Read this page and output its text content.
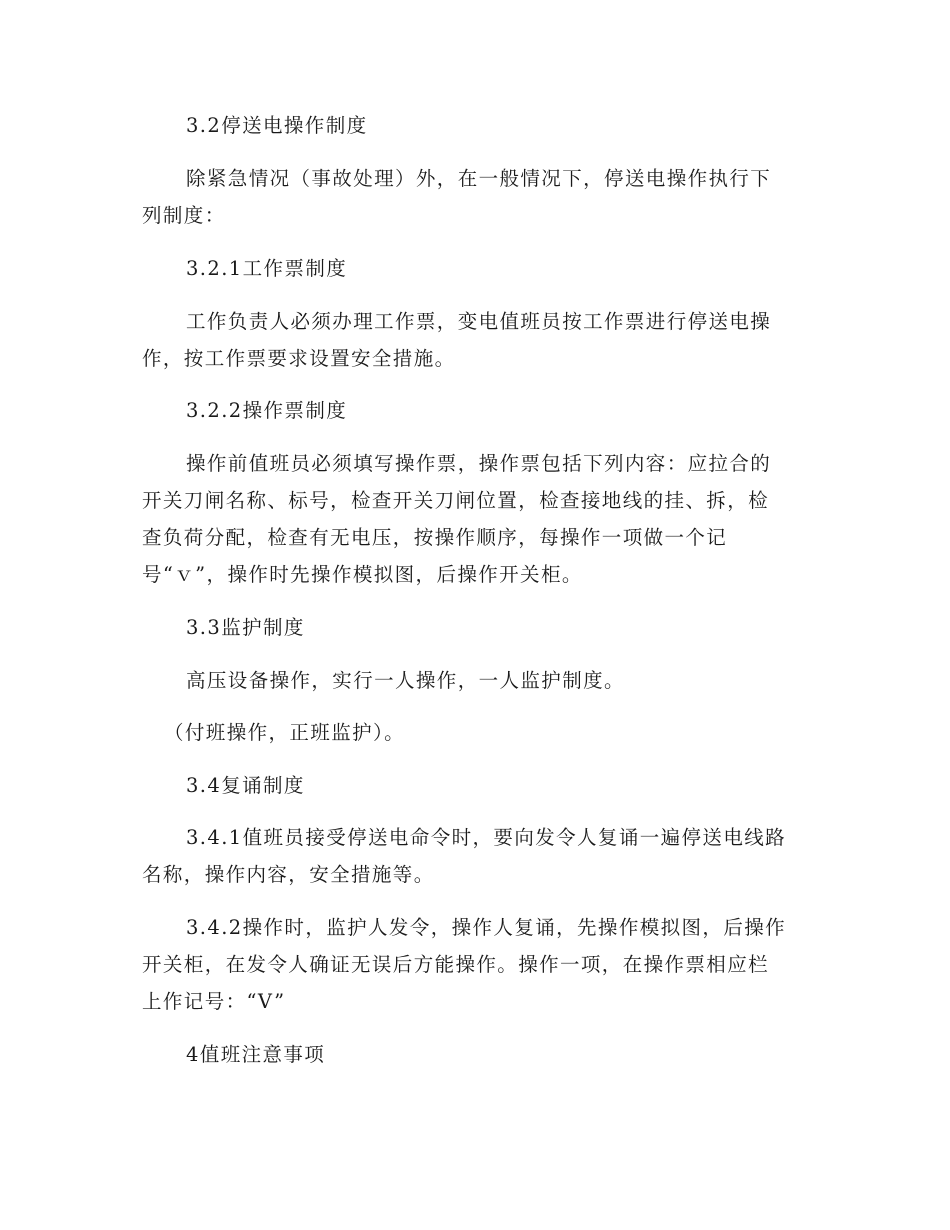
3.2停送电操作制度
除紧急情况（事故处理）外，在一般情况下，停送电操作执行下
列制度：
3.2.1工作票制度
工作负责人必须办理工作票，变电值班员按工作票进行停送电操
作，按工作票要求设置安全措施。
3.2.2操作票制度
操作前值班员必须填写操作票，操作票包括下列内容：应拉合的
开关刀闸名称、标号，检查开关刀闸位置，检查接地线的挂、拆，检
查负荷分配，检查有无电压，按操作顺序，每操作一项做一个记
号“ｖ”，操作时先操作模拟图，后操作开关柜。
3.3监护制度
高压设备操作，实行一人操作，一人监护制度。
（付班操作，正班监护）。
3.4复诵制度
3.4.1值班员接受停送电命令时，要向发令人复诵一遍停送电线路
名称，操作内容，安全措施等。
3.4.2操作时，监护人发令，操作人复诵，先操作模拟图，后操作
开关柜，在发令人确证无误后方能操作。操作一项，在操作票相应栏
上作记号：“V”
4值班注意事项
